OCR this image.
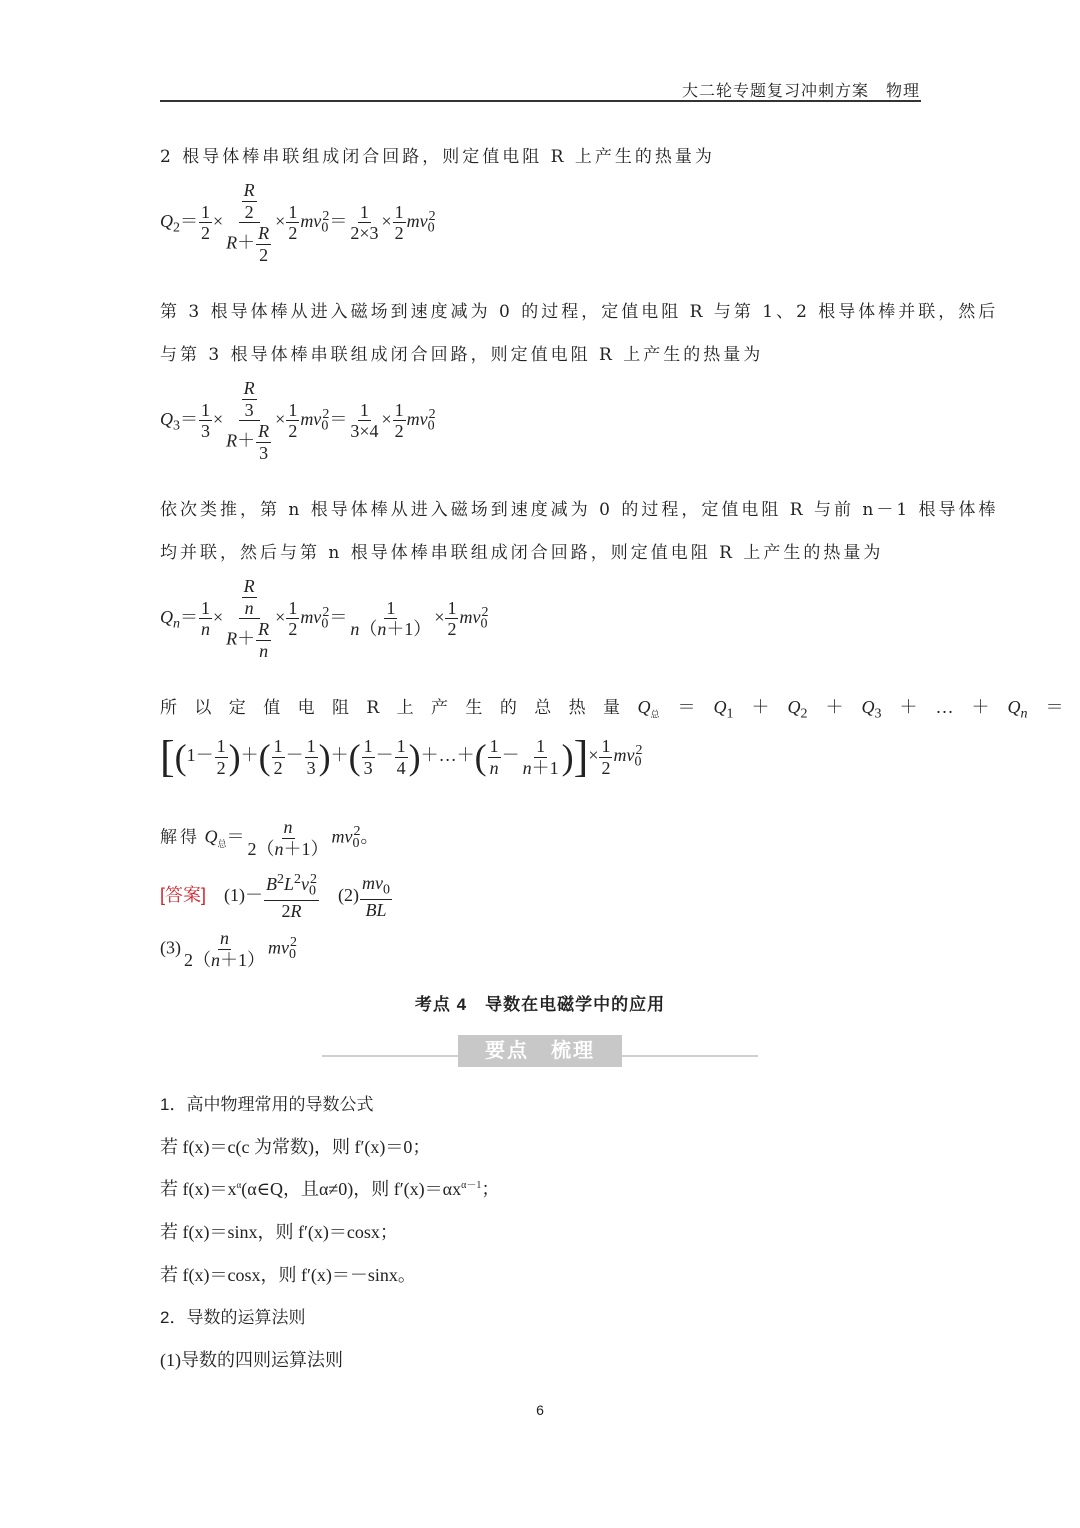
大二轮专题复习冲刺方案　 物理
2 根导体棒串联组成闭合回路，则定值电阻 R 上产生的热量为
$Q_2= \frac{1}{2} \times \frac{\frac{R}{2}}{R+ \frac{R}{2}} \times \frac{1}{2} mv_0^2= \frac{1}{2\times 3} \times \frac{1}{2} mv_0^2$
第 3 根导体棒从进入磁场到速度减为 0 的过程，定值电阻 R 与第 1、2 根导体棒并联，然后
与第 3 根导体棒串联组成闭合回路，则定值电阻 R 上产生的热量为
$Q_3= \frac{1}{3} \times \frac{\frac{R}{3}}{R+ \frac{R}{3}} \times \frac{1}{2} mv_0^2= \frac{1}{3\times 4} \times \frac{1}{2} mv_0^2$
依次类推，第 n 根导体棒从进入磁场到速度减为 0 的过程，定值电阻 R 与前 n－1 根导体棒
均并联，然后与第 n 根导体棒串联组成闭合回路，则定值电阻 R 上产生的热量为
$Q_n= \frac{1}{n} \times \frac{\frac{R}{n}}{R+ \frac{R}{n}} \times \frac{1}{2} mv_0^2= \frac{1}{n(n+1)} \times \frac{1}{2} mv_0^2$
所 以 定 值 电 阻 R 上 产 生 的 总 热 量 $Q_总$　＝　$Q_1$　＋　$Q_2$　＋　$Q_3$　＋　…　＋　$Q_n$　＝
[($1- \frac{1}{2}$ )＋( $\frac{1}{2} - \frac{1}{3}$ )＋( $\frac{1}{3} - \frac{1}{4}$ )＋…＋( $\frac{1}{n} - \frac{1}{n+1}$ )]× $\frac{1}{2} mv_0^2$
解得 $Q_总= \frac{n}{2(n+1)} mv_0^2$。
[答案]　$(1)- \frac{B^2L^2v_0^2}{2R}$ 　$(2) \frac{mv_0}{BL}$
$(3) \frac{n}{2(n+1)} mv_0^2$
考点 4　导数在电磁学中的应用
要点　梳理
1．高中物理常用的导数公式
若 f(x)＝c(c 为常数)，则 f′(x)＝0；
若 $f(x)=x^\alpha(\alpha\in Q$，且α≠0)，则 $f'(x)=\alpha x^{\alpha-1}$；
若 f(x)＝sinx，则 f′(x)＝cosx；
若 f(x)＝cosx，则 f′(x)＝－sinx。
2．导数的运算法则
(1)导数的四则运算法则
6
